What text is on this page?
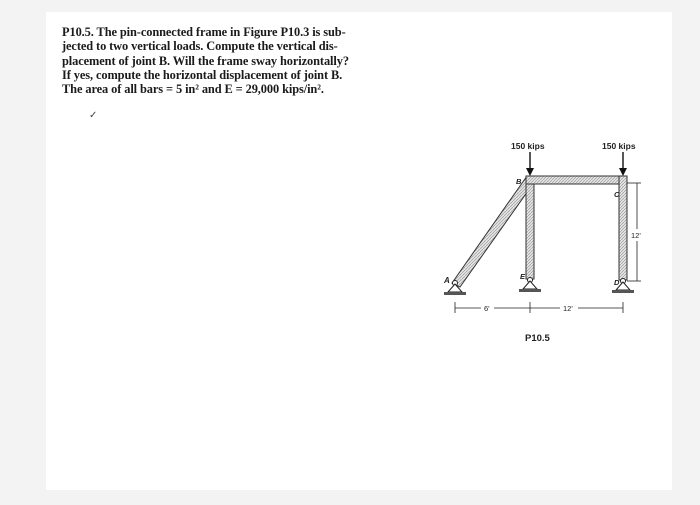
P10.5. The pin-connected frame in Figure P10.3 is sub-
jected to two vertical loads. Compute the vertical dis-
placement of joint B. Will the frame sway horizontally?
If yes, compute the horizontal displacement of joint B.
The area of all bars = 5 in² and E = 29,000 kips/in².
✓
150 kips	150 kips
A
B
C
D
E
12'
6'	12'
P10.5
